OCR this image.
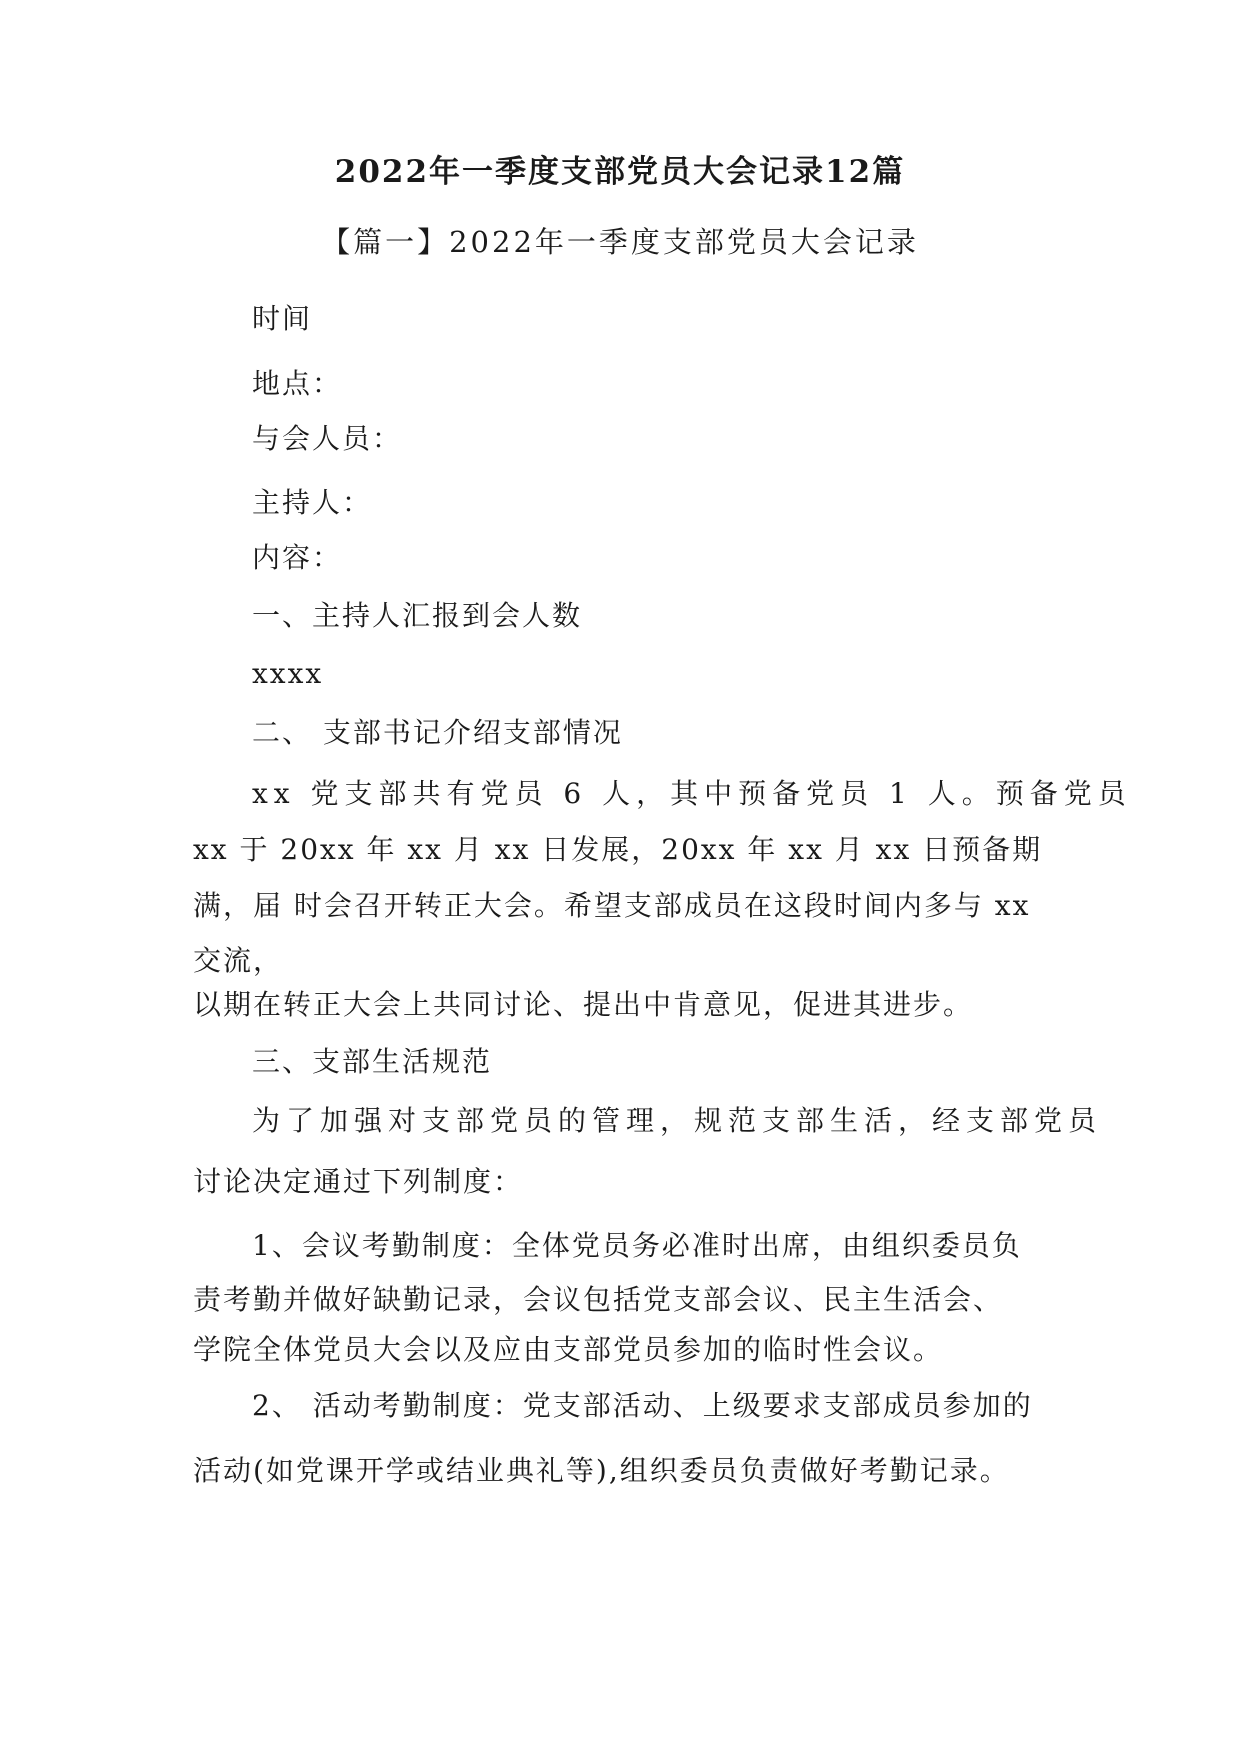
2022年一季度支部党员大会记录12篇
【篇一】2022年一季度支部党员大会记录
时间
地点：
与会人员：
主持人：
内容：
一、主持人汇报到会人数
xxxx
二、 支部书记介绍支部情况
xx 党支部共有党员 6 人，其中预备党员 1 人。预备党员
xx 于 20xx 年 xx 月 xx 日发展，20xx 年 xx 月 xx 日预备期
满，届 时会召开转正大会。希望支部成员在这段时间内多与 xx
交流，
以期在转正大会上共同讨论、提出中肯意见，促进其进步。
三、支部生活规范
为了加强对支部党员的管理，规范支部生活，经支部党员
讨论决定通过下列制度：
1、会议考勤制度：全体党员务必准时出席，由组织委员负
责考勤并做好缺勤记录，会议包括党支部会议、民主生活会、
学院全体党员大会以及应由支部党员参加的临时性会议。
2、 活动考勤制度：党支部活动、上级要求支部成员参加的
活动(如党课开学或结业典礼等),组织委员负责做好考勤记录。
